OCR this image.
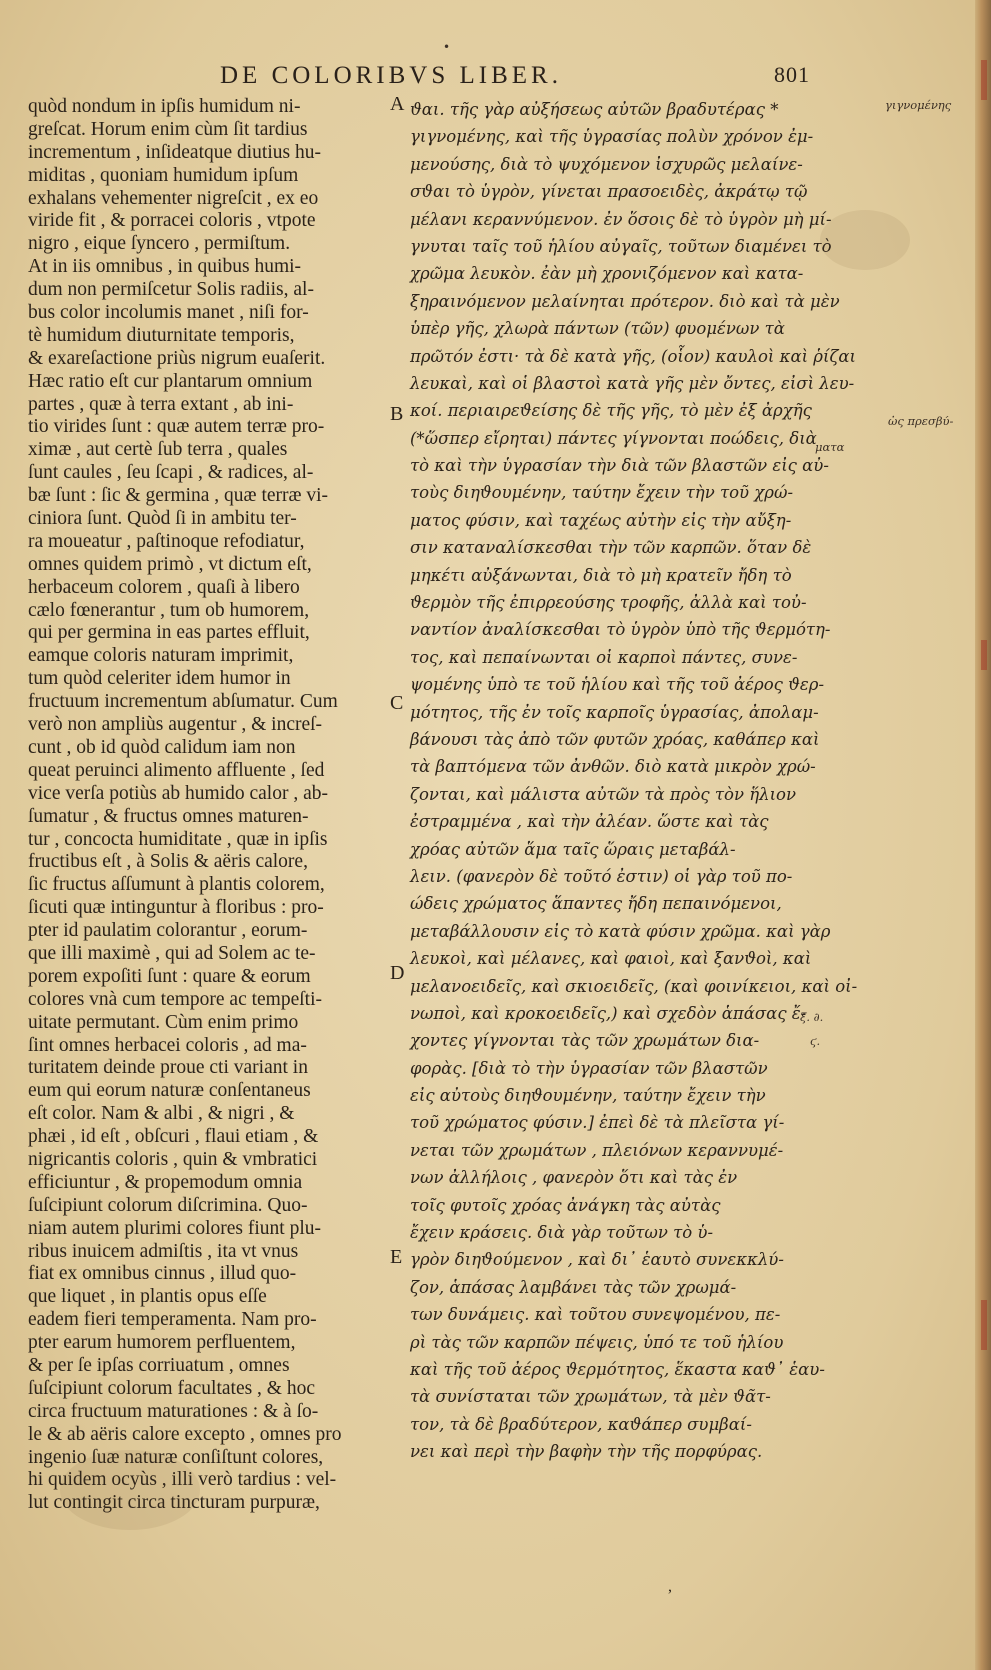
•
DE COLORIBVS LIBER.	801
quòd nondum in ipſis humidum ni-
greſcat. Horum enim cùm ſit tardius
incrementum , inſideatque diutius hu-
miditas , quoniam humidum ipſum
exhalans vehementer nigreſcit , ex eo
viride fit , & porracei coloris , vtpote
nigro , eique ſyncero , permiſtum.
At in iis omnibus , in quibus humi-
dum non permiſcetur Solis radiis, al-
bus color incolumis manet , niſi for-
tè humidum diuturnitate temporis,
& exareſactione priùs nigrum euaſerit.
Hæc ratio eſt cur plantarum omnium
partes , quæ à terra extant , ab ini-
tio virides ſunt : quæ autem terræ pro-
ximæ , aut certè ſub terra , quales
ſunt caules , ſeu ſcapi , & radices, al-
bæ ſunt : ſic & germina , quæ terræ vi-
ciniora ſunt. Quòd ſi in ambitu ter-
ra moueatur , paſtinoque refodiatur,
omnes quidem primò , vt dictum eſt,
herbaceum colorem , quaſi à libero
cælo fœnerantur , tum ob humorem,
qui per germina in eas partes effluit,
eamque coloris naturam imprimit,
tum quòd celeriter idem humor in
fructuum incrementum abſumatur. Cum
verò non ampliùs augentur , & increſ-
cunt , ob id quòd calidum iam non
queat peruinci alimento affluente , ſed
vice verſa potiùs ab humido calor , ab-
ſumatur , & fructus omnes maturen-
tur , concocta humiditate , quæ in ipſis
fructibus eſt , à Solis & aëris calore,
ſic fructus aſſumunt à plantis colorem,
ſicuti quæ intinguntur à floribus : pro-
pter id paulatim colorantur , eorum-
que illi maximè , qui ad Solem ac te-
porem expoſiti ſunt : quare & eorum
colores vnà cum tempore ac tempeſti-
uitate permutant. Cùm enim primo
ſint omnes herbacei coloris , ad ma-
turitatem deinde proue cti variant in
eum qui eorum naturæ conſentaneus
eſt color. Nam & albi , & nigri , &
phæi , id eſt , obſcuri , flaui etiam , &
nigricantis coloris , quin & vmbratici
efficiuntur , & propemodum omnia
ſuſcipiunt colorum diſcrimina. Quo-
niam autem plurimi colores fiunt plu-
ribus inuicem admiſtis , ita vt vnus
fiat ex omnibus cinnus , illud quo-
que liquet , in plantis opus eſſe
eadem fieri temperamenta. Nam pro-
pter earum humorem perfluentem,
& per ſe ipſas corriuatum , omnes
ſuſcipiunt colorum facultates , & hoc
circa fructuum maturationes : & à ſo-
le & ab aëris calore excepto , omnes pro
ingenio ſuæ naturæ conſiſtunt colores,
hi quidem ocyùs , illi verò tardius : vel-
lut contingit circa tincturam purpuræ,
ϑαι. τῆς γὰρ αὐξήσεως αὐτῶν βραδυτέρας *
γιγνομένης, καὶ τῆς ὑγρασίας πολὺν χρόνον ἐμ-
μενούσης, διὰ τὸ ψυχόμενον ἰσχυρῶς μελαίνε-
σϑαι τὸ ὑγρὸν, γίνεται πρασοειδὲς, ἀκράτῳ τῷ
μέλανι κεραννύμενον. ἐν ὅσοις δὲ τὸ ὑγρὸν μὴ μί-
γνυται ταῖς τοῦ ἡλίου αὐγαῖς, τοῦτων διαμένει τὸ
χρῶμα λευκὸν. ἐὰν μὴ χρονιζόμενον καὶ κατα-
ξηραινόμενον μελαίνηται πρότερον. διὸ καὶ τὰ μὲν
ὑπὲρ γῆς, χλωρὰ πάντων (τῶν) φυομένων τὰ
πρῶτόν ἐστι· τὰ δὲ κατὰ γῆς, (οἷον) καυλοὶ καὶ ῥίζαι
λευκαὶ, καὶ οἱ βλαστοὶ κατὰ γῆς μὲν ὄντες, εἰσὶ λευ-
κοί. περιαιρεϑείσης δὲ τῆς γῆς, τὸ μὲν ἐξ ἀρχῆς
(*ὥσπερ εἴρηται) πάντες γίγνονται ποώδεις, διὰ
τὸ καὶ τὴν ὑγρασίαν τὴν διὰ τῶν βλαστῶν εἰς αὐ-
τοὺς διηϑουμένην, ταύτην ἔχειν τὴν τοῦ χρώ-
ματος φύσιν, καὶ ταχέως αὐτὴν εἰς τὴν αὔξη-
σιν καταναλίσκεσθαι τὴν τῶν καρπῶν. ὅταν δὲ
μηκέτι αὐξάνωνται, διὰ τὸ μὴ κρατεῖν ἤδη τὸ
ϑερμὸν τῆς ἐπιρρεούσης τροφῆς, ἀλλὰ καὶ τοὐ-
ναντίον ἀναλίσκεσθαι τὸ ὑγρὸν ὑπὸ τῆς ϑερμότη-
τος, καὶ πεπαίνωνται οἱ καρποὶ πάντες, συνε-
ψομένης ὑπὸ τε τοῦ ἡλίου καὶ τῆς τοῦ ἀέρος ϑερ-
μότητος, τῆς ἐν τοῖς καρποῖς ὑγρασίας, ἀπολαμ-
βάνουσι τὰς ἀπὸ τῶν φυτῶν χρόας, καθάπερ καὶ
τὰ βαπτόμενα τῶν ἀνθῶν. διὸ κατὰ μικρὸν χρώ-
ζονται, καὶ μάλιστα αὐτῶν τὰ πρὸς τὸν ἥλιον
ἐστραμμένα , καὶ τὴν ἀλέαν. ὥστε καὶ τὰς
χρόας αὐτῶν ἅμα ταῖς ὥραις μεταβάλ-
λειν. (φανερὸν δὲ τοῦτό ἐστιν) οἱ γὰρ τοῦ πο-
ώδεις χρώματος ἅπαντες ἤδη πεπαινόμενοι,
μεταβάλλουσιν εἰς τὸ κατὰ φύσιν χρῶμα. καὶ γὰρ
λευκοὶ, καὶ μέλανες, καὶ φαιοὶ, καὶ ξανϑοὶ, καὶ
μελανοειδεῖς, καὶ σκιοειδεῖς, (καὶ φοινίκειοι, καὶ οἰ-
νωποὶ, καὶ κροκοειδεῖς,) καὶ σχεδὸν ἁπάσας ἔ-
χοντες γίγνονται τὰς τῶν χρωμάτων δια-
φορὰς. [διὰ τὸ τὴν ὑγρασίαν τῶν βλαστῶν
εἰς αὐτοὺς διηϑουμένην, ταύτην ἔχειν τὴν
τοῦ χρώματος φύσιν.] ἐπεὶ δὲ τὰ πλεῖστα γί-
νεται τῶν χρωμάτων , πλειόνων κεραννυμέ-
νων ἀλλήλοις , φανερὸν ὅτι καὶ τὰς ἐν
τοῖς φυτοῖς χρόας ἀνάγκη τὰς αὐτὰς
ἔχειν κράσεις. διὰ γὰρ τοῦτων τὸ ὑ-
γρὸν διηϑούμενον , καὶ δι᾽ ἑαυτὸ συνεκκλύ-
ζον, ἁπάσας λαμβάνει τὰς τῶν χρωμά-
των δυνάμεις. καὶ τοῦτου συνεψομένου, πε-
ρὶ τὰς τῶν καρπῶν πέψεις, ὑπό τε τοῦ ἡλίου
καὶ τῆς τοῦ ἀέρος ϑερμότητος, ἕκαστα καϑ᾽ ἑαυ-
τὰ συνίσταται τῶν χρωμάτων, τὰ μὲν ϑᾶτ-
τον, τὰ δὲ βραδύτερον, καϑάπερ συμβαί-
νει καὶ περὶ τὴν βαφὴν τὴν τῆς πορφύρας.
A
B
C
D
E
γιγνομένης
ὡς πρεσβύ-
ματα
ξ. ∂.
ϛ.
,
